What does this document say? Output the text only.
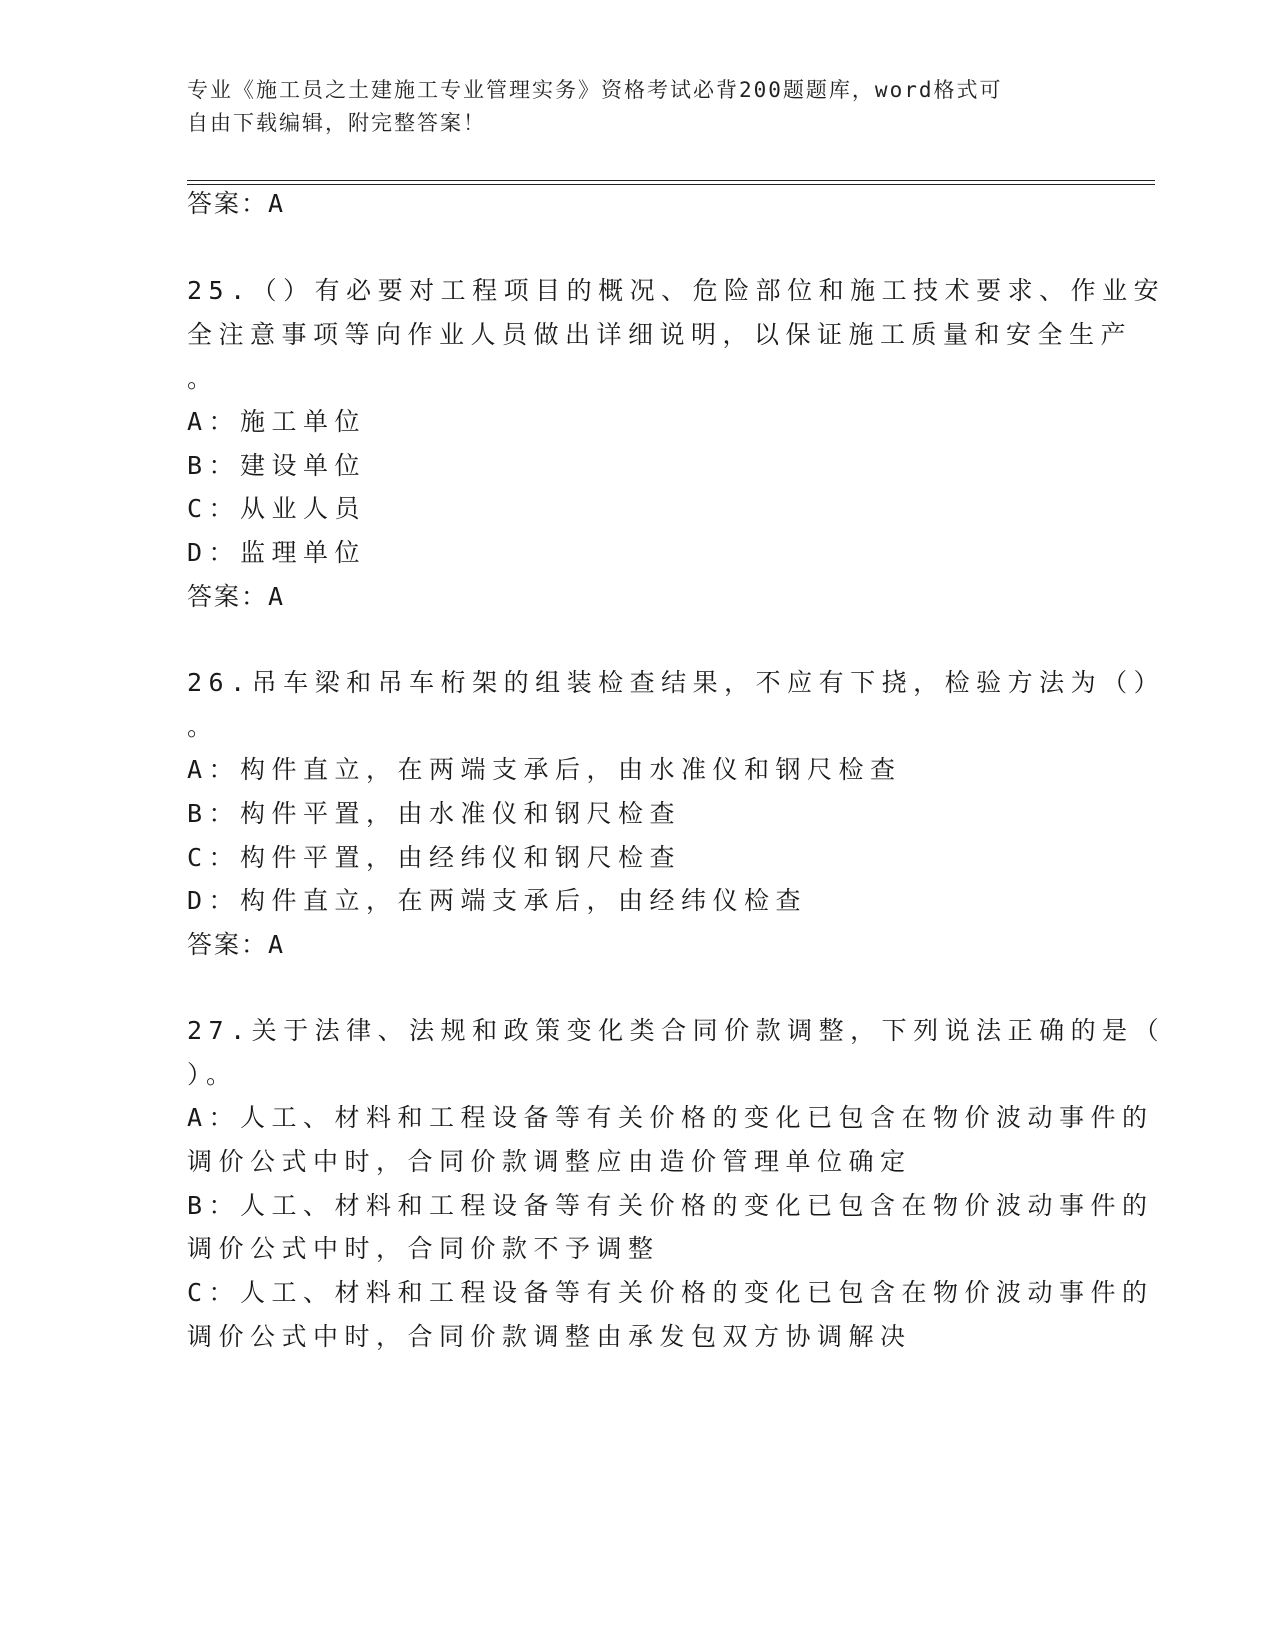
专业《施工员之土建施工专业管理实务》资格考试必背200题题库，word格式可
自由下载编辑，附完整答案！
答案：A
25.（）有必要对工程项目的概况、危险部位和施工技术要求、作业安
全注意事项等向作业人员做出详细说明，以保证施工质量和安全生产
。
A：施工单位
B：建设单位
C：从业人员
D：监理单位
答案：A
26.吊车梁和吊车桁架的组装检查结果，不应有下挠，检验方法为（）
。
A：构件直立，在两端支承后，由水准仪和钢尺检查
B：构件平置，由水准仪和钢尺检查
C：构件平置，由经纬仪和钢尺检查
D：构件直立，在两端支承后，由经纬仪检查
答案：A
27.关于法律、法规和政策变化类合同价款调整，下列说法正确的是（
）。
A：人工、材料和工程设备等有关价格的变化已包含在物价波动事件的
调价公式中时，合同价款调整应由造价管理单位确定
B：人工、材料和工程设备等有关价格的变化已包含在物价波动事件的
调价公式中时，合同价款不予调整
C：人工、材料和工程设备等有关价格的变化已包含在物价波动事件的
调价公式中时，合同价款调整由承发包双方协调解决
